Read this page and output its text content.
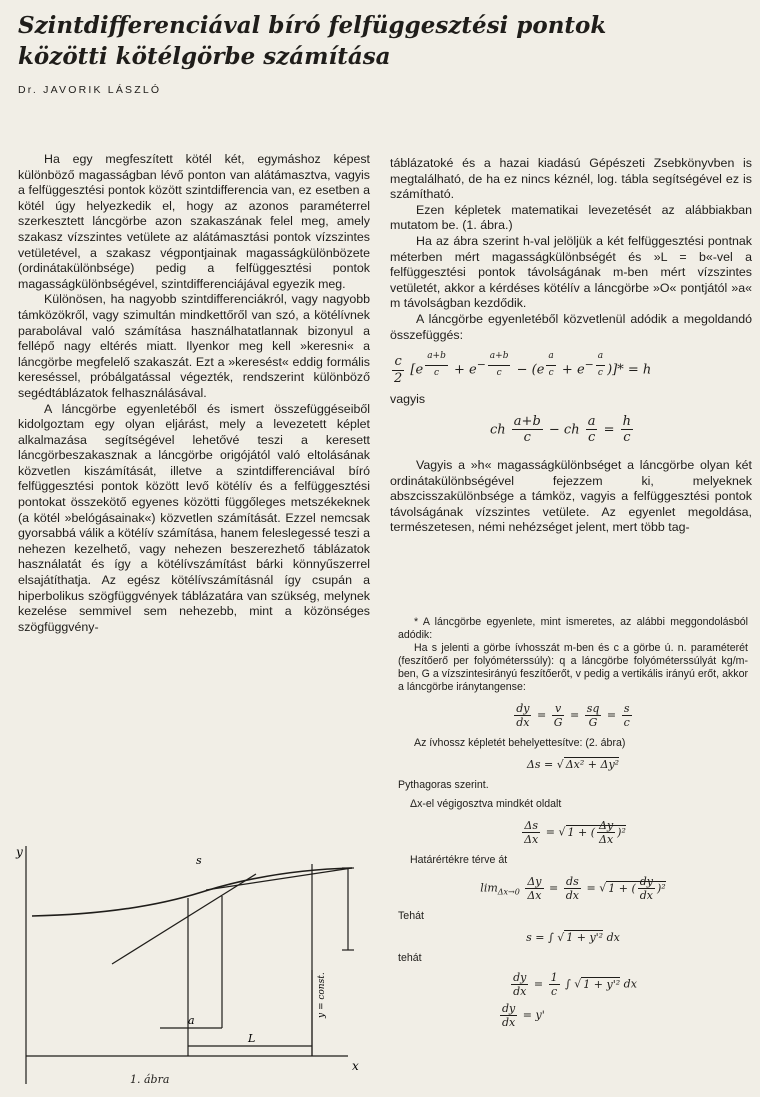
Szintdifferenciával bíró felfüggesztési pontok
közötti kötélgörbe számítása
Dr. JAVORIK LÁSZLÓ

Ha egy megfeszített kötél két, egymáshoz képest különböző magasságban lévő ponton van alátámasztva, vagyis a felfüggesztési pontok között szintdifferencia van, ez esetben a kötél úgy helyezkedik el, hogy az azonos paraméterrel szerkesztett láncgörbe azon szakaszának felel meg, amely szakasz vízszintes vetülete az alátámasztási pontok vízszintes vetületével, a szakasz végpontjainak magasságkülönbözete (ordinátakülönbsége) pedig a felfüggesztési pontok magasságkülönbségével, szintdifferenciájával egyezik meg.

Különösen, ha nagyobb szintdifferenciákról, vagy nagyobb támközökről, vagy szimultán mindkettőről van szó, a kötélívnek parabolával való számítása használhatatlannak bizonyul a fellépő nagy eltérés miatt. Ilyenkor meg kell »keresni« a láncgörbe megfelelő szakaszát. Ezt a »keresést« eddig formális kereséssel, próbálgatással végezték, rendszerint különböző segédtáblázatok felhasználásával.

A láncgörbe egyenletéből és ismert összefüggéseiből kidolgoztam egy olyan eljárást, mely a levezetett képlet alkalmazása segítségével lehetővé teszi a keresett láncgörbeszakasznak a láncgörbe origójától való eltolásának közvetlen kiszámítását, illetve a szintdifferenciával bíró felfüggesztési pontok között levő kötélív és a felfüggesztési pontokat összekötő egyenes közötti függőleges metszékeknek (a kötél »belógásainak«) közvetlen számítását. Ezzel nemcsak gyorsabbá válik a kötélív számítása, hanem feleslegessé teszi a nehezen kezelhető, vagy nehezen beszerezhető táblázatok használatát és így a kötélívszámítást bárki könnyűszerrel elsajátíthatja. Az egész kötélívszámításnál így csupán a hiperbolikus szögfüggvények táblázatára van szükség, melynek kezelése semmivel sem nehezebb, mint a közönséges szögfüggvény-

táblázatoké és a hazai kiadású Gépészeti Zsebkönyvben is megtalálható, de ha ez nincs kéznél, log. tábla segítségével ez is számítható.

Ezen képletek matematikai levezetését az alábbiakban mutatom be. (1. ábra.)

Ha az ábra szerint h-val jelöljük a két felfüggesztési pontnak méterben mért magasságkülönbségét és »L = b«-vel a felfüggesztési pontok távolságának m-ben mért vízszintes vetületét, akkor a kérdéses kötélív a láncgörbe »O« pontjától »a« m távolságban kezdődik.

A láncgörbe egyenletéből közvetlenül adódik a megoldandó összefüggés:

$\frac{c}{2} [e$ $^{\frac{a+b}{c}} + e^{- \frac{a+b}{c}} - (e$ $^{\frac{a}{c}} + e^{- \frac{a}{c}}$ )]* = h

vagyis

ch $\frac{a+b}{c}$ − ch $\frac{a}{c} = \frac{h}{c}$

Vagyis a »h« magasságkülönbséget a láncgörbe olyan két ordinátakülönbségével fejezzem ki, melyeknek abszcisszakülönbsége a támköz, vagyis a felfüggesztési pontok távolságának vízszintes vetülete. Az egyenlet megoldása, természetesen, némi nehézséget jelent, mert több tag-

* A láncgörbe egyenlete, mint ismeretes, az alábbi meggondolásból adódik:

Ha s jelenti a görbe ívhosszát m-ben és c a görbe ú. n. paraméterét (feszítőerő per folyóméterssúly): q a láncgörbe folyóméterssúlyát kg/m-ben, G a vízszintesirányú feszítőerőt, v pedig a vertikális irányú erőt, akkor a láncgörbe iránytangense:

$\frac{dy}{dx} = \frac{v}{G} = \frac{sq}{G} = \frac{s}{c}$

Az ívhossz képletét behelyettesítve: (2. ábra)

Δs = √ Δx² + Δy²
Pythagoras szerint.
Δx-el végigosztva mindkét oldalt
$\frac{\Delta s}{\Delta x}$ = √ 1 + ( $\frac{\Delta y}{\Delta x} )^2$
Határértékre térve át
$\lim_{\Delta x\to 0} \frac{\Delta y}{\Delta x} = \frac{ds}{dx}$ = √ 1 + ( $\frac{dy}{dx} )^2$
Tehát
s = ∫ √ 1 + y'² dx
tehát
$\frac{dy}{dx} = \frac{1}{c}$ ∫ √ 1 + y'² dx
$\frac{dy}{dx} = y'$
y
x
a
L
s
y = const.
1. ábra
